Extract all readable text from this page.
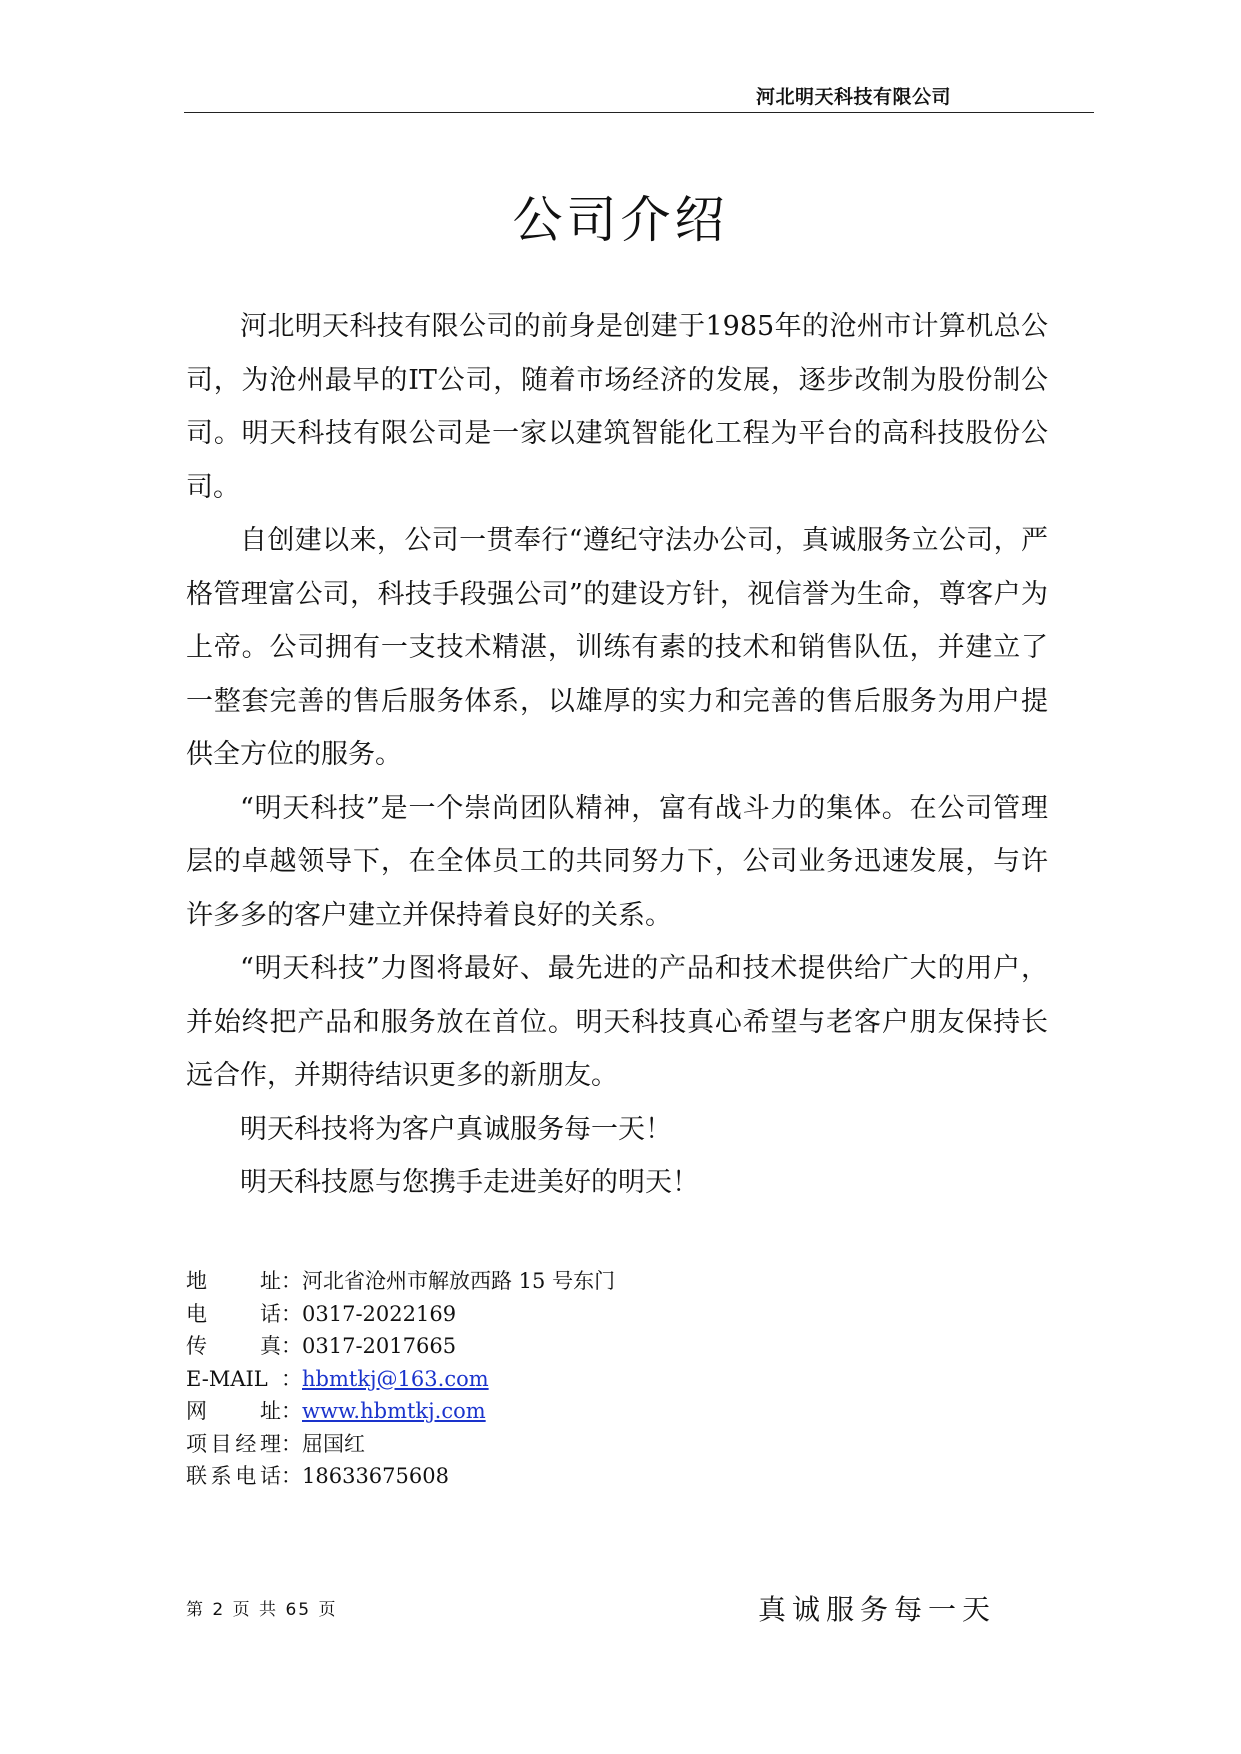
河北明天科技有限公司
公司介绍

河北明天科技有限公司的前身是创建于1985年的沧州市计算机总公司，为沧州最早的IT公司，随着市场经济的发展，逐步改制为股份制公司。明天科技有限公司是一家以建筑智能化工程为平台的高科技股份公司。

自创建以来，公司一贯奉行“遵纪守法办公司，真诚服务立公司，严格管理富公司，科技手段强公司”的建设方针，视信誉为生命，尊客户为上帝。公司拥有一支技术精湛，训练有素的技术和销售队伍，并建立了一整套完善的售后服务体系，以雄厚的实力和完善的售后服务为用户提供全方位的服务。

“明天科技”是一个崇尚团队精神，富有战斗力的集体。在公司管理层的卓越领导下，在全体员工的共同努力下，公司业务迅速发展，与许许多多的客户建立并保持着良好的关系。

“明天科技”力图将最好、最先进的产品和技术提供给广大的用户，并始终把产品和服务放在首位。明天科技真心希望与老客户朋友保持长远合作，并期待结识更多的新朋友。

明天科技将为客户真诚服务每一天！

明天科技愿与您携手走进美好的明天！

地址 ： 河北省沧州市解放西路 15 号东门
电话 ： 0317-2022169
传真 ： 0317-2017665
E-MAIL ： hbmtkj@163.com
网址 ： www.hbmtkj.com
项目经理 ： 屈国红
联系电话 ： 18633675608
第 2 页 共 65 页	真诚服务每一天
